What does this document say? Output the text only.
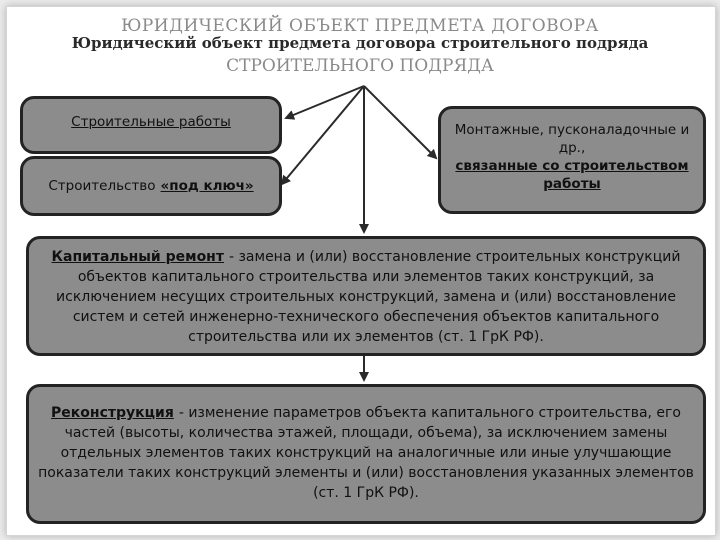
ЮРИДИЧЕСКИЙ ОБЪЕКТ ПРЕДМЕТА ДОГОВОРА
СТРОИТЕЛЬНОГО ПОДРЯДА
Юридический объект предмета договора строительного подряда
Строительные работы
Строительство «под ключ»
Монтажные, пусконаладочные и др.,
связанные со строительством работы
Капитальный ремонт - замена и (или) восстановление строительных конструкций объектов капитального строительства или элементов таких конструкций, за исключением несущих строительных конструкций, замена и (или) восстановление систем и сетей инженерно-технического обеспечения объектов капитального строительства или их элементов (ст. 1 ГрК РФ).
Реконструкция - изменение параметров объекта капитального строительства, его частей (высоты, количества этажей, площади, объема), за исключением замены отдельных элементов таких конструкций на аналогичные или иные улучшающие показатели таких конструкций элементы и (или) восстановления указанных элементов (ст. 1 ГрК РФ).
